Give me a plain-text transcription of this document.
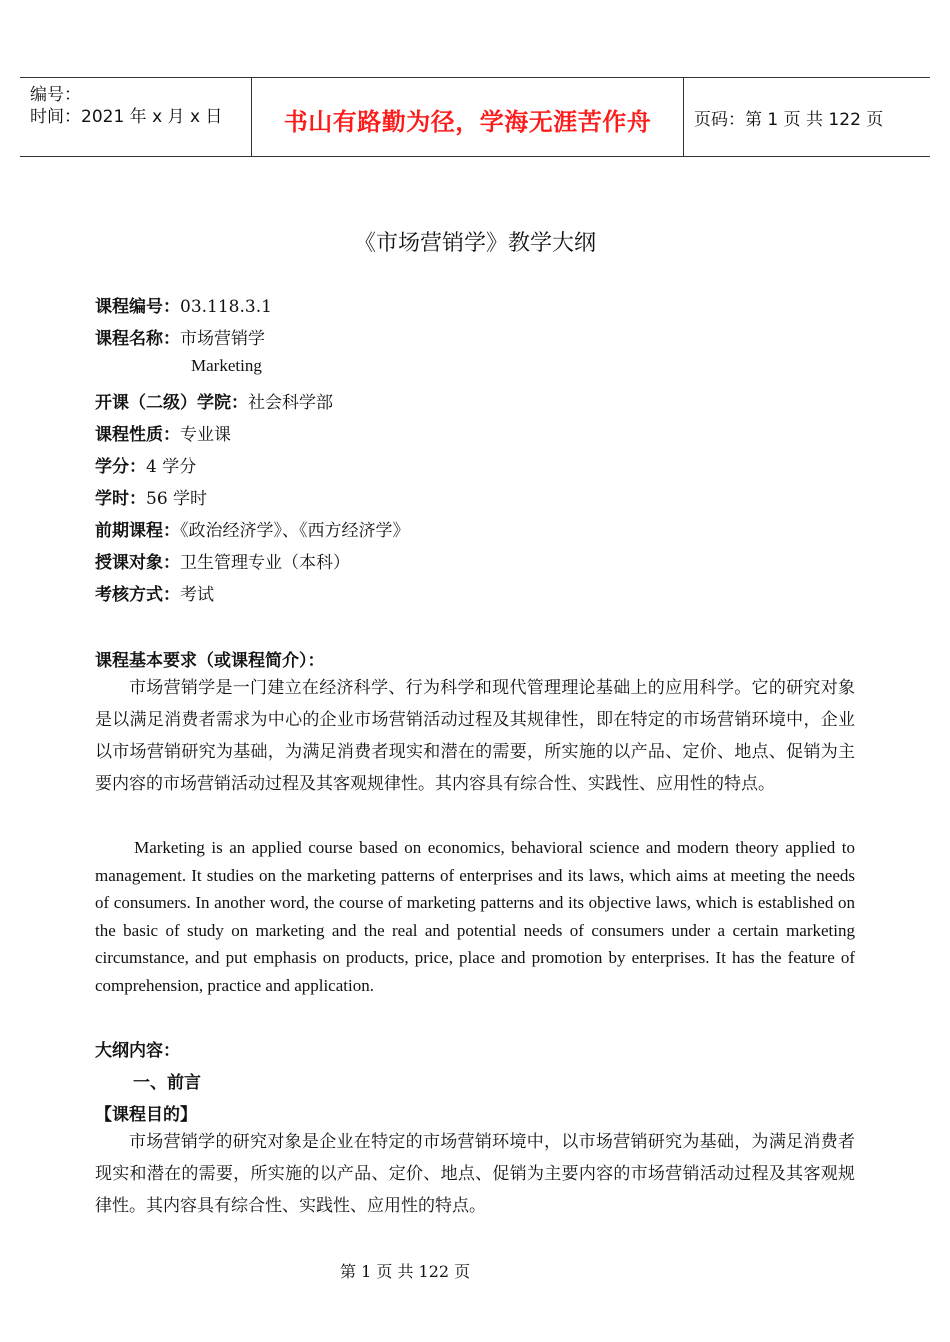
编号：
时间：2021 年 x 月 x 日	书山有路勤为径，学海无涯苦作舟	页码：第 1 页 共 122 页
《市场营销学》教学大纲
课程编号：03.118.3.1
课程名称：市场营销学
Marketing
开课（二级）学院：社会科学部
课程性质：专业课
学分：4 学分
学时：56 学时
前期课程：《政治经济学》、《西方经济学》
授课对象：卫生管理专业（本科）
考核方式：考试
课程基本要求（或课程简介）：

市场营销学是一门建立在经济科学、行为科学和现代管理理论基础上的应用科学。它的研究对象是以满足消费者需求为中心的企业市场营销活动过程及其规律性，即在特定的市场营销环境中，企业以市场营销研究为基础，为满足消费者现实和潜在的需要，所实施的以产品、定价、地点、促销为主要内容的市场营销活动过程及其客观规律性。其内容具有综合性、实践性、应用性的特点。

Marketing is an applied course based on economics, behavioral science and modern theory applied to management. It studies on the marketing patterns of enterprises and its laws, which aims at meeting the needs of consumers. In another word, the course of marketing patterns and its objective laws, which is established on the basic of study on marketing and the real and potential needs of consumers under a certain marketing circumstance, and put emphasis on products, price, place and promotion by enterprises. It has the feature of comprehension, practice and application.

大纲内容：
一、前言
【课程目的】

市场营销学的研究对象是企业在特定的市场营销环境中，以市场营销研究为基础，为满足消费者现实和潜在的需要，所实施的以产品、定价、地点、促销为主要内容的市场营销活动过程及其客观规律性。其内容具有综合性、实践性、应用性的特点。

第 1 页 共 122 页
